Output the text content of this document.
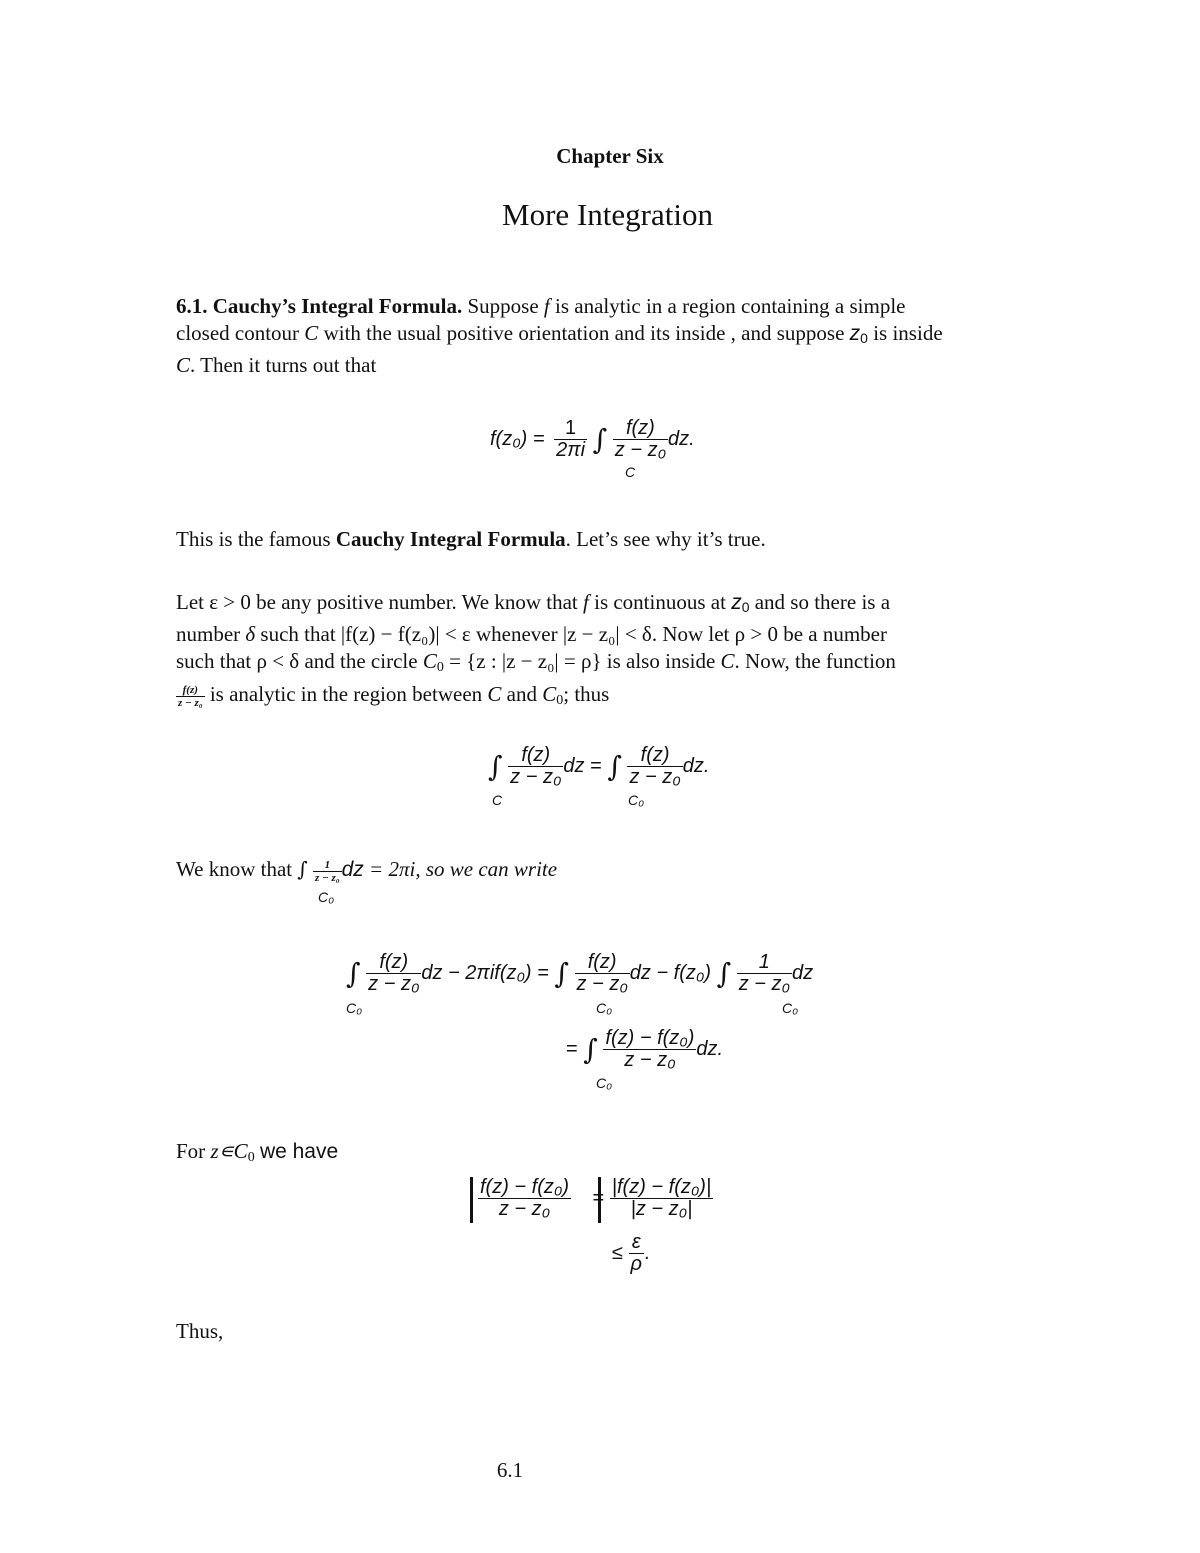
Chapter Six
More Integration
6.1. Cauchy’s Integral Formula. Suppose f is analytic in a region containing a simple
closed contour C with the usual positive orientation and its inside , and suppose $z_0$ is inside
C. Then it turns out that
$f(z_0) = \frac{1}{2\pi i}$ ∫ $\frac{f(z)}{\text{z − z₀}}$ dz.
C
This is the famous Cauchy Integral Formula. Let’s see why it’s true.
Let ε > 0 be any positive number. We know that f is continuous at $z_0$ and so there is a
number δ such that |f(z) − f(z₀)| < ε whenever |z − z₀| < δ. Now let ρ > 0 be a number
such that ρ < δ and the circle $C_0 = \{z$ : |z − z₀| = ρ} is also inside C. Now, the function

$\frac{f(z)}{\text{z − z₀}}$ is analytic in the region between C and $C_0$; thus
∫ $\frac{f(z)}{\text{z − z₀}}$ dz = ∫ $\frac{f(z)}{\text{z − z₀}}$ dz.
C	C₀
We know that ∫ $\frac{1}{\text{z − z₀}}$ dz = 2πi, so we can write
C₀
∫ $\frac{f(z)}{\text{z − z₀}}$ dz − 2πif(z₀) = ∫ $\frac{f(z)}{\text{z − z₀}}$ dz − f(z₀) ∫ $\frac{1}{\text{z − z₀}}$ dz
C₀	C₀	C₀
= ∫ $\frac{\text{f(z) − f(z₀)}}{\text{z − z₀}}$ dz.
C₀
For $z∊C_0$ we have
$\frac{\text{f(z) − f(z₀)}}{\text{z − z₀}} = \frac{\text{|f(z) − f(z₀)|}}{\text{|z − z₀|}}$
≤ $\frac{\varepsilon}{\rho}$ .
Thus,
6.1
